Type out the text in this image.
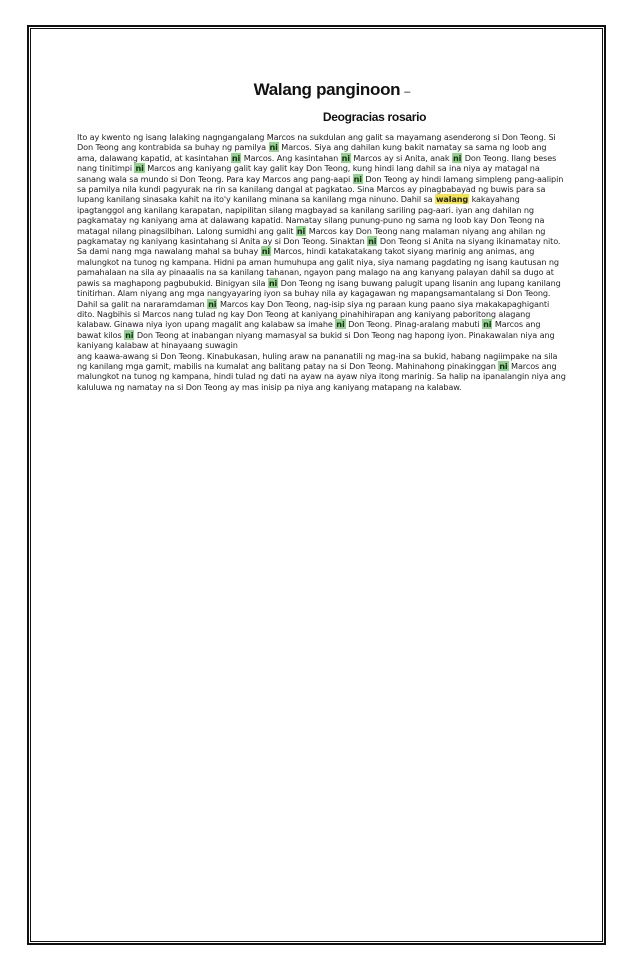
Walang panginoon –
Deogracias rosario

Ito ay kwento ng isang lalaking nagngangalang Marcos na sukdulan ang galit sa mayamang asenderong si Don Teong. Si Don Teong ang kontrabida sa buhay ng pamilya ni Marcos. Siya ang dahilan kung bakit namatay sa sama ng loob ang ama, dalawang kapatid, at kasintahan ni Marcos. Ang kasintahan ni Marcos ay si Anita, anak ni Don Teong. Ilang beses nang tinitimpi ni Marcos ang kaniyang galit kay galit kay Don Teong, kung hindi lang dahil sa ina niya ay matagal na sanang wala sa mundo si Don Teong. Para kay Marcos ang pang-aapi ni Don Teong ay hindi lamang simpleng pang-aalipin sa pamilya nila kundi pagyurak na rin sa kanilang dangal at pagkatao. Sina Marcos ay pinagbabayad ng buwis para sa lupang kanilang sinasaka kahit na ito'y kanilang minana sa kanilang mga ninuno. Dahil sa walang kakayahang ipagtanggol ang kanilang karapatan, napipilitan silang magbayad sa kanilang sariling pag-aari. iyan ang dahilan ng pagkamatay ng kaniyang ama at dalawang kapatid. Namatay silang punung-puno ng sama ng loob kay Don Teong na matagal nilang pinagsilbihan. Lalong sumidhi ang galit ni Marcos kay Don Teong nang malaman niyang ang ahilan ng pagkamatay ng kaniyang kasintahang si Anita ay si Don Teong. Sinaktan ni Don Teong si Anita na siyang ikinamatay nito. Sa dami nang mga nawalang mahal sa buhay ni Marcos, hindi katakatakang takot siyang marinig ang animas, ang malungkot na tunog ng kampana. Hidni pa aman humuhupa ang galit niya, siya namang pagdating ng isang kautusan ng pamahalaan na sila ay pinaaalis na sa kanilang tahanan, ngayon pang malago na ang kanyang palayan dahil sa dugo at pawis sa maghapong pagbubukid. Binigyan sila ni Don Teong ng isang buwang palugit upang lisanin ang lupang kanilang tinitirhan. Alam niyang ang mga nangyayaring iyon sa buhay nila ay kagagawan ng mapangsamantalang si Don Teong. Dahil sa galit na nararamdaman ni Marcos kay Don Teong, nag-isip siya ng paraan kung paano siya makakapaghiganti dito. Nagbihis si Marcos nang tulad ng kay Don Teong at kaniyang pinahihirapan ang kaniyang paboritong alagang kalabaw. Ginawa niya iyon upang magalit ang kalabaw sa imahe ni Don Teong. Pinag-aralang mabuti ni Marcos ang bawat kilos ni Don Teong at inabangan niyang mamasyal sa bukid si Don Teong nag hapong iyon. Pinakawalan niya ang kaniyang kalabaw at hinayaang suwagin

ang kaawa-awang si Don Teong. Kinabukasan, huling araw na pananatili ng mag-ina sa bukid, habang nagiimpake na sila ng kanilang mga gamit, mabilis na kumalat ang balitang patay na si Don Teong. Mahinahong pinakinggan ni Marcos ang malungkot na tunog ng kampana, hindi tulad ng dati na ayaw na ayaw niya itong marinig. Sa halip na ipanalangin niya ang kaluluwa ng namatay na si Don Teong ay mas inisip pa niya ang kaniyang matapang na kalabaw.
